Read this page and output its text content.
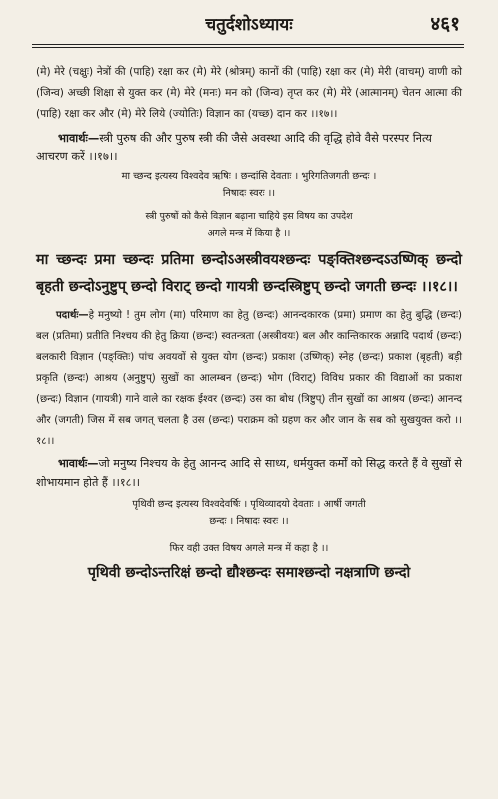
चतुर्दशोऽध्यायः	४६१

(मे) मेरे (चक्षुः) नेत्रों की (पाहि) रक्षा कर (मे) मेरे (श्रोत्रम्) कानों की (पाहि) रक्षा कर (मे) मेरी (वाचम्) वाणी को (जिन्व) अच्छी शिक्षा से युक्त कर (मे) मेरे (मनः) मन को (जिन्व) तृप्त कर (मे) मेरे (आत्मानम्) चेतन आत्मा की (पाहि) रक्षा कर और (मे) मेरे लिये (ज्योतिः) विज्ञान का (यच्छ) दान कर ।।१७।।

भावार्थः—स्त्री पुरुष की और पुरुष स्त्री की जैसे अवस्था आदि की वृद्धि होवे वैसे परस्पर नित्य आचरण करें ।।१७।।

मा च्छन्द इत्यस्य विश्वदेव ऋषिः । छन्दांसि देवताः । भुरिगतिजगती छन्दः ।

निषादः स्वरः ।।

स्त्री पुरुषों को कैसे विज्ञान बढ़ाना चाहिये इस विषय का उपदेश

अगले मन्त्र में किया है ।।

मा च्छन्दः प्रमा च्छन्दः प्रतिमा छन्दोऽअस्त्रीवयश्छन्दः पङ्क्तिश्छन्दऽउष्णिक् छन्दो बृहती छन्दोऽनुष्टुप् छन्दो विराट् छन्दो गायत्री छन्दस्त्रिष्टुप् छन्दो जगती छन्दः ।।१८।।

पदार्थः—हे मनुष्यो ! तुम लोग (मा) परिमाण का हेतु (छन्दः) आनन्दकारक (प्रमा) प्रमाण का हेतु बुद्धि (छन्दः) बल (प्रतिमा) प्रतीति निश्चय की हेतु क्रिया (छन्दः) स्वतन्त्रता (अस्त्रीवयः) बल और कान्तिकारक अन्नादि पदार्थ (छन्दः) बलकारी विज्ञान (पङ्क्तिः) पांच अवयवों से युक्त योग (छन्दः) प्रकाश (उष्णिक्) स्नेह (छन्दः) प्रकाश (बृहती) बड़ी प्रकृति (छन्दः) आश्रय (अनुष्टुप्) सुखों का आलम्बन (छन्दः) भोग (विराट्) विविध प्रकार की विद्याओं का प्रकाश (छन्दः) विज्ञान (गायत्री) गाने वाले का रक्षक ईश्वर (छन्दः) उस का बोध (त्रिष्टुप्) तीन सुखों का आश्रय (छन्दः) आनन्द और (जगती) जिस में सब जगत् चलता है उस (छन्दः) पराक्रम को ग्रहण कर और जान के सब को सुखयुक्त करो ।।१८।।

भावार्थः—जो मनुष्य निश्चय के हेतु आनन्द आदि से साध्य, धर्मयुक्त कर्मों को सिद्ध करते हैं वे सुखों से शोभायमान होते हैं ।।१८।।

पृथिवी छन्द इत्यस्य विश्वदेवर्षिः । पृथिव्यादयो देवताः । आर्षी जगती

छन्दः । निषादः स्वरः ।।

फिर वही उक्त विषय अगले मन्त्र में कहा है ।।

पृथिवी छन्दोऽन्तरिक्षं छन्दो द्यौश्छन्दः समाश्छन्दो नक्षत्राणि छन्दो
